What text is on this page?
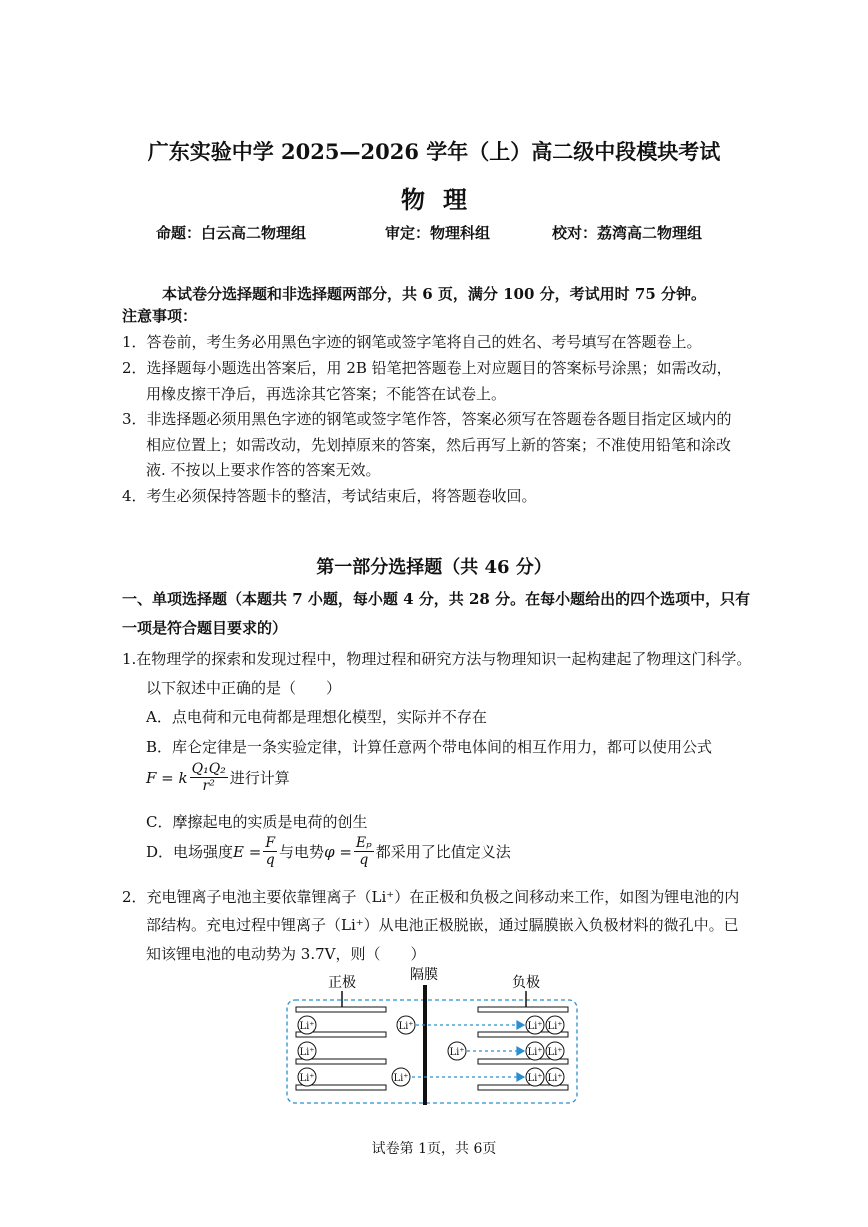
广东实验中学 2025—2026 学年（上）高二级中段模块考试
物理
命题：白云高二物理组	审定：物理科组	校对：荔湾高二物理组
本试卷分选择题和非选择题两部分，共 6 页，满分 100 分，考试用时 75 分钟。
注意事项：
1．答卷前，考生务必用黑色字迹的钢笔或签字笔将自己的姓名、考号填写在答题卷上。
2．选择题每小题选出答案后，用 2B 铅笔把答题卷上对应题目的答案标号涂黑；如需改动，
用橡皮擦干净后，再选涂其它答案；不能答在试卷上。
3．非选择题必须用黑色字迹的钢笔或签字笔作答，答案必须写在答题卷各题目指定区域内的
相应位置上；如需改动，先划掉原来的答案，然后再写上新的答案；不准使用铅笔和涂改
液. 不按以上要求作答的答案无效。
4．考生必须保持答题卡的整洁，考试结束后，将答题卷收回。
第一部分选择题（共 46 分）
一、单项选择题（本题共 7 小题，每小题 4 分，共 28 分。在每小题给出的四个选项中，只有
一项是符合题目要求的）
1.在物理学的探索和发现过程中，物理过程和研究方法与物理知识一起构建起了物理这门科学。
以下叙述中正确的是（　　）
A．点电荷和元电荷都是理想化模型，实际并不存在
B．库仑定律是一条实验定律，计算任意两个带电体间的相互作用力，都可以使用公式
F = k $\frac{\text{Q₁Q₂}}{\text{r²}}$ 进行计算
C．摩擦起电的实质是电荷的创生
D．电场强度 $E = \frac{F}{q}$ 与电势 $\varphi = \frac{\text{Eₚ}}{q}$ 都采用了比值定义法
2．充电锂离子电池主要依靠锂离子（Li⁺）在正极和负极之间移动来工作，如图为锂电池的内
部结构。充电过程中锂离子（Li⁺）从电池正极脱嵌，通过膈膜嵌入负极材料的微孔中。已
知该锂电池的电动势为 3.7V，则（　　）
正极	隔膜	负极
Li⁺
Li⁺
Li⁺
Li⁺
Li⁺
Li⁺
Li⁺ Li⁺
Li⁺ Li⁺
Li⁺ Li⁺
试卷第 1页，共 6页
